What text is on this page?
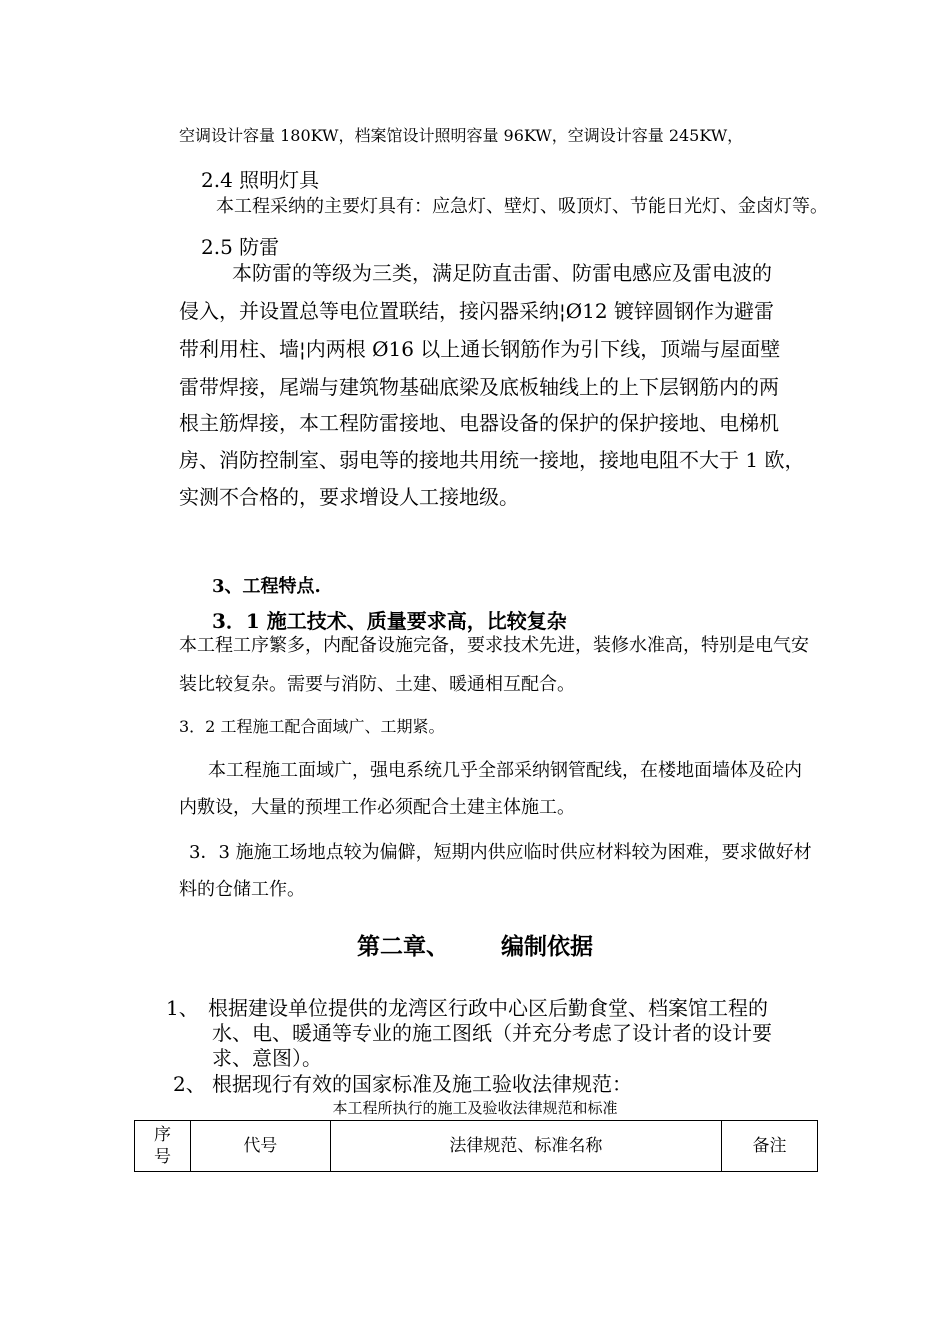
空调设计容量 180KW，档案馆设计照明容量 96KW，空调设计容量 245KW，
2.4 照明灯具
本工程采纳的主要灯具有：应急灯、壁灯、吸顶灯、节能日光灯、金卤灯等。
2.5 防雷
本防雷的等级为三类，满足防直击雷、防雷电感应及雷电波的
侵入，并设置总等电位置联结，接闪器采纳¦Ø12 镀锌圆钢作为避雷
带利用柱、墙¦内两根 Ø16 以上通长钢筋作为引下线，顶端与屋面壁
雷带焊接，尾端与建筑物基础底梁及底板轴线上的上下层钢筋内的两
根主筋焊接，本工程防雷接地、电器设备的保护的保护接地、电梯机
房、消防控制室、弱电等的接地共用统一接地，接地电阻不大于 1 欧，
实测不合格的，要求增设人工接地级。
3、工程特点.
3．1 施工技术、质量要求高，比较复杂
本工程工序繁多，内配备设施完备，要求技术先进，装修水准高，特别是电气安
装比较复杂。需要与消防、土建、暖通相互配合。
3．2 工程施工配合面域广、工期紧。
本工程施工面域广，强电系统几乎全部采纳钢管配线，在楼地面墙体及砼内
内敷设，大量的预埋工作必须配合土建主体施工。
3．3 施施工场地点较为偏僻，短期内供应临时供应材料较为困难，要求做好材
料的仓储工作。
第二章、 编制依据
1、 根据建设单位提供的龙湾区行政中心区后勤食堂、档案馆工程的
水、电、暖通等专业的施工图纸（并充分考虑了设计者的设计要
求、意图）。
2、 根据现行有效的国家标准及施工验收法律规范：
本工程所执行的施工及验收法律规范和标准
序
号	代号	法律规范、标准名称	备注
